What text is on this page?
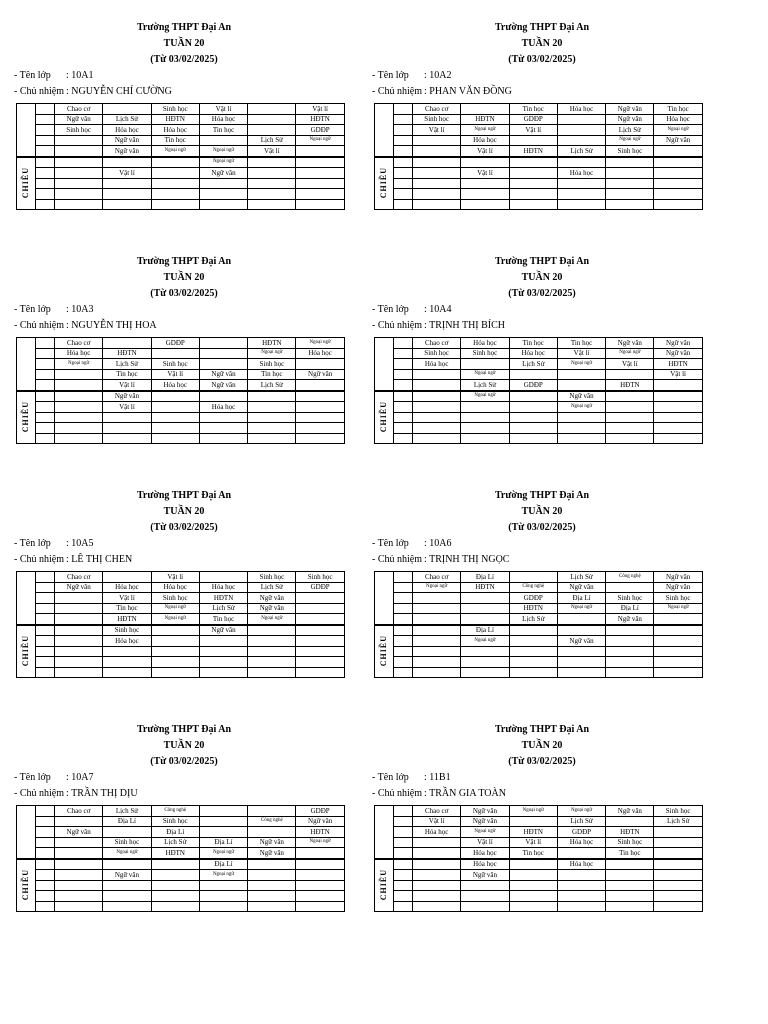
Trường THPT Đại An
TUẦN 20
(Từ 03/02/2025)
- Tên lớp : 10A1
- Chủ nhiệm : NGUYỄN CHÍ CƯỜNG
		Chao cơ		Sinh học	Vật lí		Vật lí
		Ngữ văn	Lịch Sử	HĐTN	Hóa học		HĐTN
		Sinh học	Hóa học	Hóa học	Tin học		GDĐP
			Ngữ văn	Tin học		Lịch Sử	Ngoại ngữ
			Ngữ văn	Ngoại ngữ	Ngoại ngữ	Vật lí	
CHIỀU					Ngoại ngữ		
			Vật lí		Ngữ văn		

Trường THPT Đại An
TUẦN 20
(Từ 03/02/2025)
- Tên lớp : 10A2
- Chủ nhiệm : PHAN VĂN ĐỒNG
		Chao cơ		Tin học	Hóa học	Ngữ văn	Tin học
		Sinh học	HĐTN	GDĐP		Ngữ văn	Hóa học
		Vật lí	Ngoại ngữ	Vật lí		Lịch Sử	Ngoại ngữ
			Hóa học			Ngoại ngữ	Ngữ văn
			Vật lí	HĐTN	Lịch Sử	Sinh học	
CHIỀU							
			Vật lí		Hóa học		

Trường THPT Đại An
TUẦN 20
(Từ 03/02/2025)
- Tên lớp : 10A3
- Chủ nhiệm : NGUYỄN THỊ HOA
		Chao cơ		GDĐP		HĐTN	Ngoại ngữ
		Hóa học	HĐTN			Ngoại ngữ	Hóa học
		Ngoại ngữ	Lịch Sử	Sinh học		Sinh học	
			Tin học	Vật lí	Ngữ văn	Tin học	Ngữ văn
			Vật lí	Hóa học	Ngữ văn	Lịch Sử	
CHIỀU			Ngữ văn				
			Vật lí		Hóa học		

Trường THPT Đại An
TUẦN 20
(Từ 03/02/2025)
- Tên lớp : 10A4
- Chủ nhiệm : TRỊNH THỊ BÍCH
		Chao cơ	Hóa học	Tin học	Tin học	Ngữ văn	Ngữ văn
		Sinh học	Sinh học	Hóa học	Vật lí	Ngoại ngữ	Ngữ văn
		Hóa học		Lịch Sử	Ngoại ngữ	Vật lí	HĐTN
			Ngoại ngữ				Vật lí
			Lịch Sử	GDĐP		HĐTN	
CHIỀU			Ngoại ngữ		Ngữ văn		
					Ngoại ngữ		

Trường THPT Đại An
TUẦN 20
(Từ 03/02/2025)
- Tên lớp : 10A5
- Chủ nhiệm : LÊ THỊ CHEN
		Chao cơ		Vật lí		Sinh học	Sinh học
		Ngữ văn	Hóa học	Hóa học	Hóa học	Lịch Sử	GDĐP
			Vật lí	Sinh học	HĐTN	Ngữ văn	
			Tin học	Ngoại ngữ	Lịch Sử	Ngữ văn	
			HĐTN	Ngoại ngữ	Tin học	Ngoại ngữ	
CHIỀU			Sinh học		Ngữ văn		
			Hóa học				

Trường THPT Đại An
TUẦN 20
(Từ 03/02/2025)
- Tên lớp : 10A6
- Chủ nhiệm : TRỊNH THỊ NGỌC
		Chao cơ	Địa Lí		Lịch Sử	Công nghệ	Ngữ văn
		Ngoại ngữ	HĐTN	Công nghệ	Ngữ văn		Ngữ văn
				GDĐP	Địa Lí	Sinh học	Sinh học
				HĐTN	Ngoại ngữ	Địa Lí	Ngoại ngữ
				Lịch Sử		Ngữ văn	
CHIỀU			Địa Lí				
			Ngoại ngữ		Ngữ văn		

Trường THPT Đại An
TUẦN 20
(Từ 03/02/2025)
- Tên lớp : 10A7
- Chủ nhiệm : TRẦN THỊ DỊU
		Chao cơ	Lịch Sử	Công nghệ			GDĐP
			Địa Lí	Sinh học		Công nghệ	Ngữ văn
		Ngữ văn		Địa Lí			HĐTN
			Sinh học	Lịch Sử	Địa Lí	Ngữ văn	Ngoại ngữ
			Ngoại ngữ	HĐTN	Ngoại ngữ	Ngữ văn	
CHIỀU					Địa Lí		
			Ngữ văn		Ngoại ngữ		

Trường THPT Đại An
TUẦN 20
(Từ 03/02/2025)
- Tên lớp : 11B1
- Chủ nhiệm : TRẦN GIA TOÀN
		Chao cơ	Ngữ văn	Ngoại ngữ	Ngoại ngữ	Ngữ văn	Sinh học
		Vật lí	Ngữ văn		Lịch Sử		Lịch Sử
		Hóa học	Ngoại ngữ	HĐTN	GDĐP	HĐTN	
			Vật lí	Vật lí	Hóa học	Sinh học	
			Hóa học	Tin học		Tin học	
CHIỀU			Hóa học		Hóa học		
			Ngữ văn				
